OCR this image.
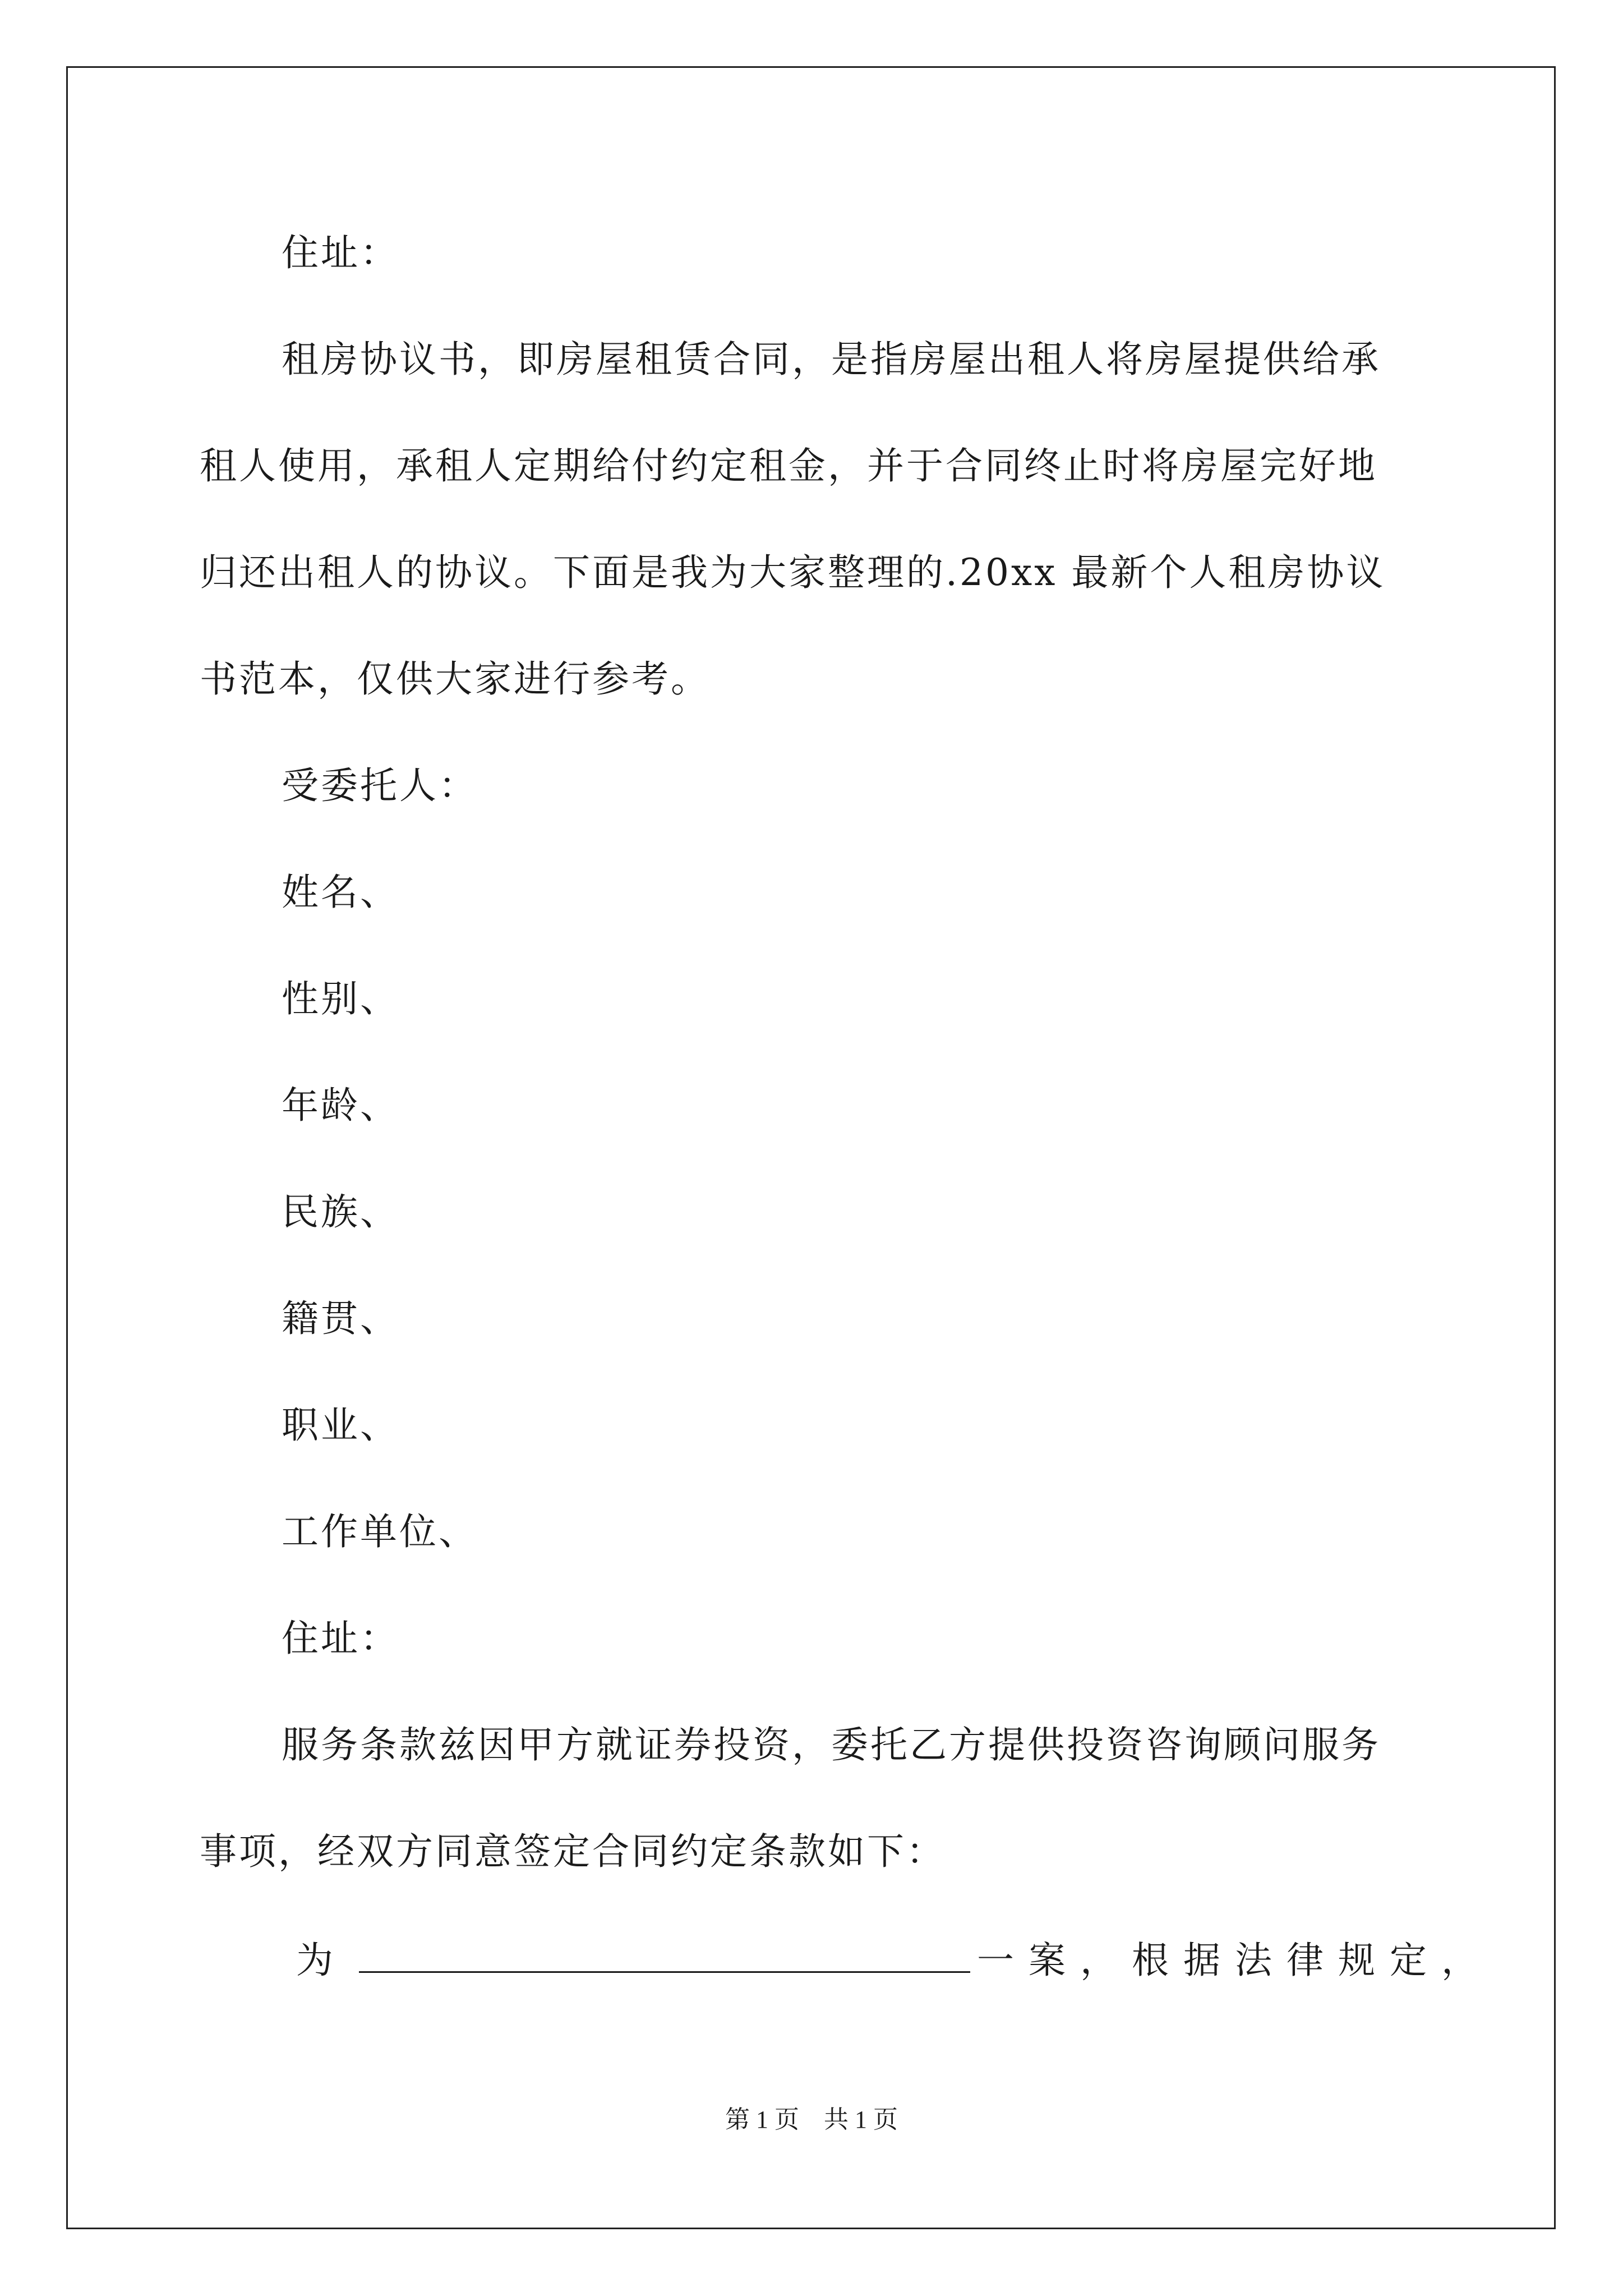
住址：
租房协议书，即房屋租赁合同，是指房屋出租人将房屋提供给承
租人使用，承租人定期给付约定租金，并于合同终止时将房屋完好地
归还出租人的协议。下面是我为大家整理的.20xx 最新个人租房协议
书范本，仅供大家进行参考。
受委托人：
姓名、
性别、
年龄、
民族、
籍贯、
职业、
工作单位、
住址：
服务条款兹因甲方就证券投资，委托乙方提供投资咨询顾问服务
事项，经双方同意签定合同约定条款如下：
为	一案，根据法律规定，
第 1 页    共 1 页
